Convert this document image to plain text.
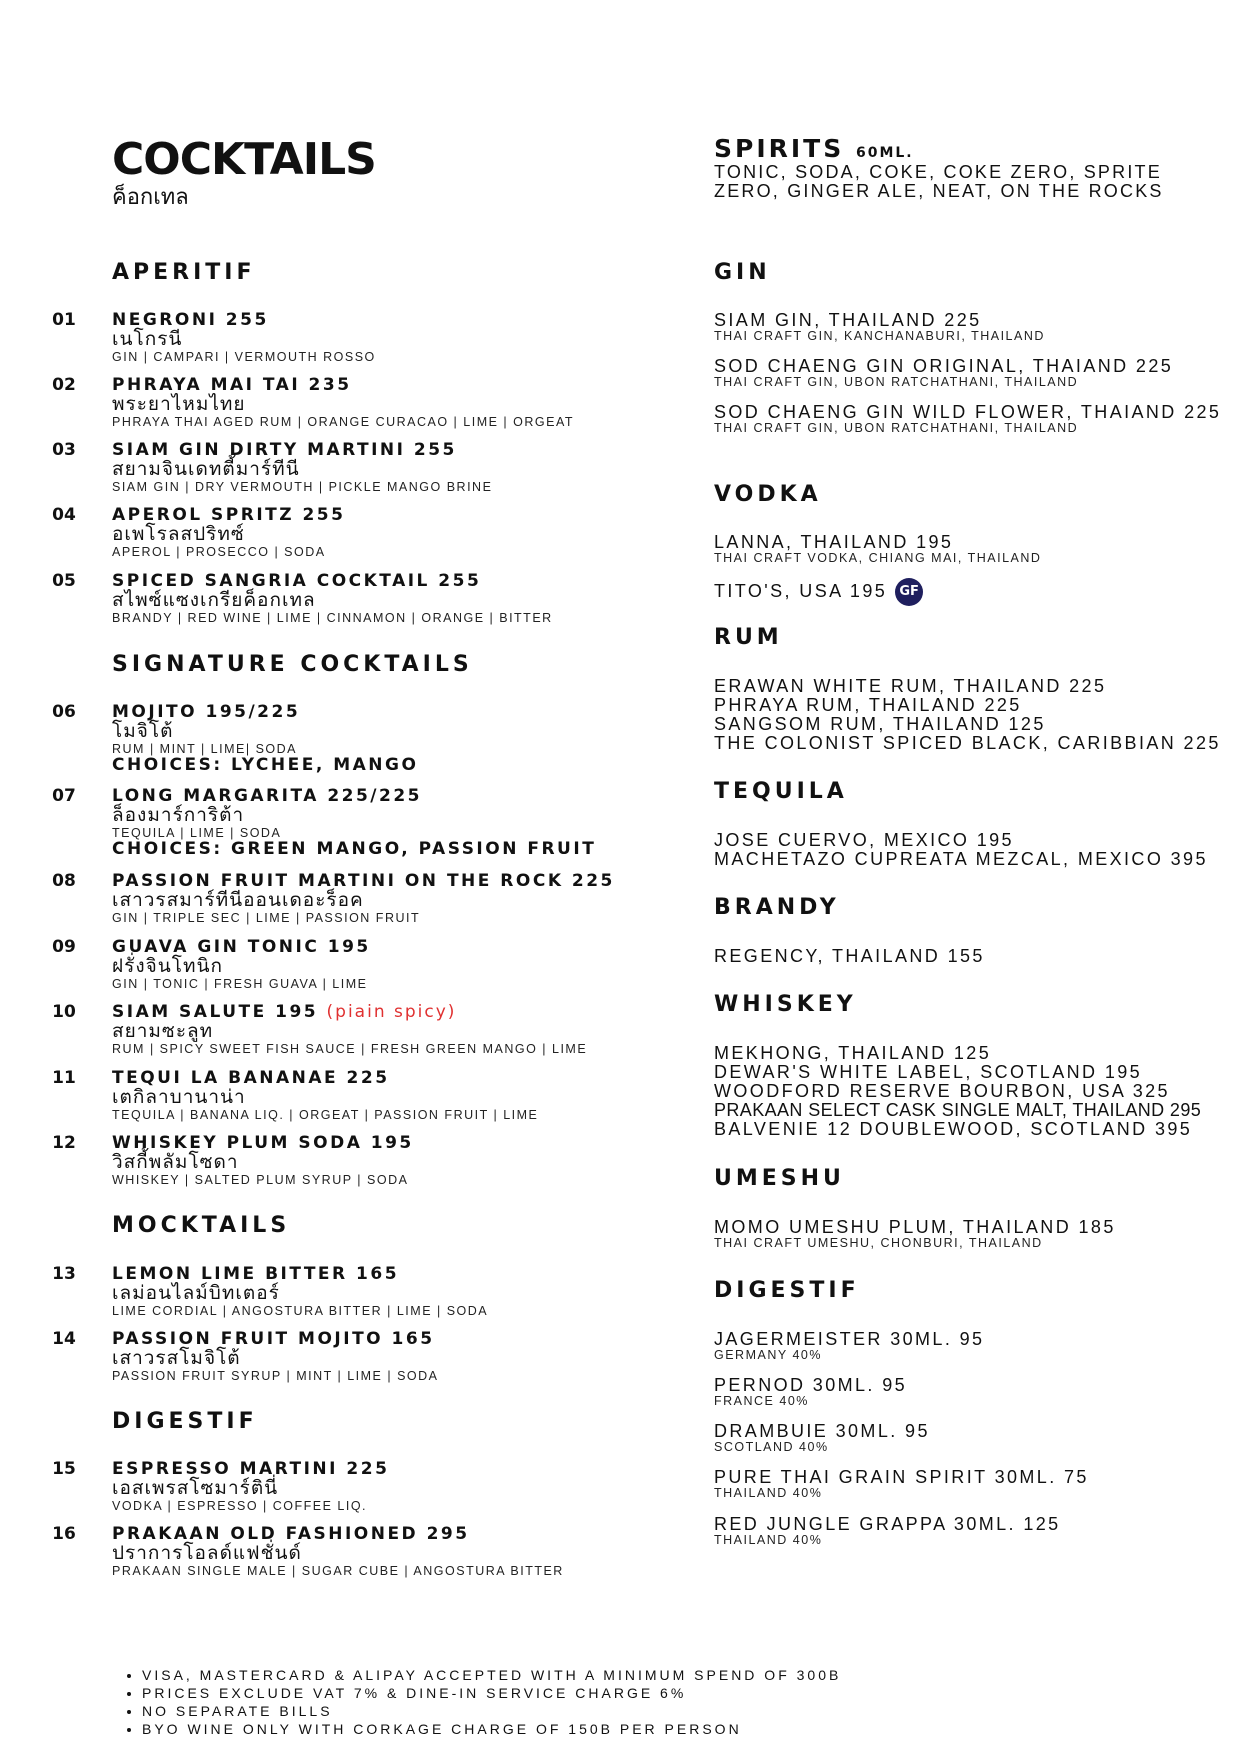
COCKTAILS
ค็อกเทล
APERITIF
01	NEGRONI 255
เนโกรนี
GIN | CAMPARI | VERMOUTH ROSSO
02	PHRAYA MAI TAI 235
พระยาไหมไทย
PHRAYA THAI AGED RUM | ORANGE CURACAO | LIME | ORGEAT
03	SIAM GIN DIRTY MARTINI 255
สยามจินเดทตี้มาร์ทีนี
SIAM GIN | DRY VERMOUTH | PICKLE MANGO BRINE
04	APEROL SPRITZ 255
อเพโรลสปริทซ์
APEROL | PROSECCO | SODA
05	SPICED SANGRIA COCKTAIL 255
สไพซ์แซงเกรียค็อกเทล
BRANDY | RED WINE | LIME | CINNAMON | ORANGE | BITTER
SIGNATURE COCKTAILS
06	MOJITO 195/225
โมจิโต้
RUM | MINT | LIME| SODA
CHOICES: LYCHEE, MANGO
07	LONG MARGARITA 225/225
ล็องมาร์การิต้า
TEQUILA | LIME | SODA
CHOICES: GREEN MANGO, PASSION FRUIT
08	PASSION FRUIT MARTINI ON THE ROCK 225
เสาวรสมาร์ทีนีออนเดอะร็อค
GIN | TRIPLE SEC | LIME | PASSION FRUIT
09	GUAVA GIN TONIC 195
ฝรั่งจินโทนิก
GIN | TONIC | FRESH GUAVA | LIME
10	SIAM SALUTE 195 (piain spicy)
สยามซะลูท
RUM | SPICY SWEET FISH SAUCE | FRESH GREEN MANGO | LIME
11	TEQUI LA BANANAE 225
เตกิลาบานาน่า
TEQUILA | BANANA LIQ. | ORGEAT | PASSION FRUIT | LIME
12	WHISKEY PLUM SODA 195
วิสกี้พลัมโซดา
WHISKEY | SALTED PLUM SYRUP | SODA
MOCKTAILS
13	LEMON LIME BITTER 165
เลม่อนไลม์บิทเตอร์
LIME CORDIAL | ANGOSTURA BITTER | LIME | SODA
14	PASSION FRUIT MOJITO 165
เสาวรสโมจิโต้
PASSION FRUIT SYRUP | MINT | LIME | SODA
DIGESTIF
15	ESPRESSO MARTINI 225
เอสเพรสโซมาร์ตินี่
VODKA | ESPRESSO | COFFEE LIQ.
16	PRAKAAN OLD FASHIONED 295
ปราการโอลด์แฟชั่นด์
PRAKAAN SINGLE MALE | SUGAR CUBE | ANGOSTURA BITTER
SPIRITS 60ML.
TONIC, SODA, COKE, COKE ZERO, SPRITE
ZERO, GINGER ALE, NEAT, ON THE ROCKS
GIN
SIAM GIN, THAILAND 225
THAI CRAFT GIN, KANCHANABURI, THAILAND
SOD CHAENG GIN ORIGINAL, THAIAND 225
THAI CRAFT GIN, UBON RATCHATHANI, THAILAND
SOD CHAENG GIN WILD FLOWER, THAIAND 225
THAI CRAFT GIN, UBON RATCHATHANI, THAILAND
VODKA
LANNA, THAILAND 195
THAI CRAFT VODKA, CHIANG MAI, THAILAND
TITO'S, USA 195 GF
RUM
ERAWAN WHITE RUM, THAILAND 225
PHRAYA RUM, THAILAND 225
SANGSOM RUM, THAILAND 125
THE COLONIST SPICED BLACK, CARIBBIAN 225
TEQUILA
JOSE CUERVO, MEXICO 195
MACHETAZO CUPREATA MEZCAL, MEXICO 395
BRANDY
REGENCY, THAILAND 155
WHISKEY
MEKHONG, THAILAND 125
DEWAR'S WHITE LABEL, SCOTLAND 195
WOODFORD RESERVE BOURBON, USA 325
PRAKAAN SELECT CASK SINGLE MALT, THAILAND 295
BALVENIE 12 DOUBLEWOOD, SCOTLAND 395
UMESHU
MOMO UMESHU PLUM, THAILAND 185
THAI CRAFT UMESHU, CHONBURI, THAILAND
DIGESTIF
JAGERMEISTER 30ML. 95
GERMANY 40%
PERNOD 30ML. 95
FRANCE 40%
DRAMBUIE 30ML. 95
SCOTLAND 40%
PURE THAI GRAIN SPIRIT 30ML. 75
THAILAND 40%
RED JUNGLE GRAPPA 30ML. 125
THAILAND 40%
• VISA, MASTERCARD & ALIPAY ACCEPTED WITH A MINIMUM SPEND OF 300B
• PRICES EXCLUDE VAT 7% & DINE-IN SERVICE CHARGE 6%
• NO SEPARATE BILLS
• BYO WINE ONLY WITH CORKAGE CHARGE OF 150B PER PERSON
